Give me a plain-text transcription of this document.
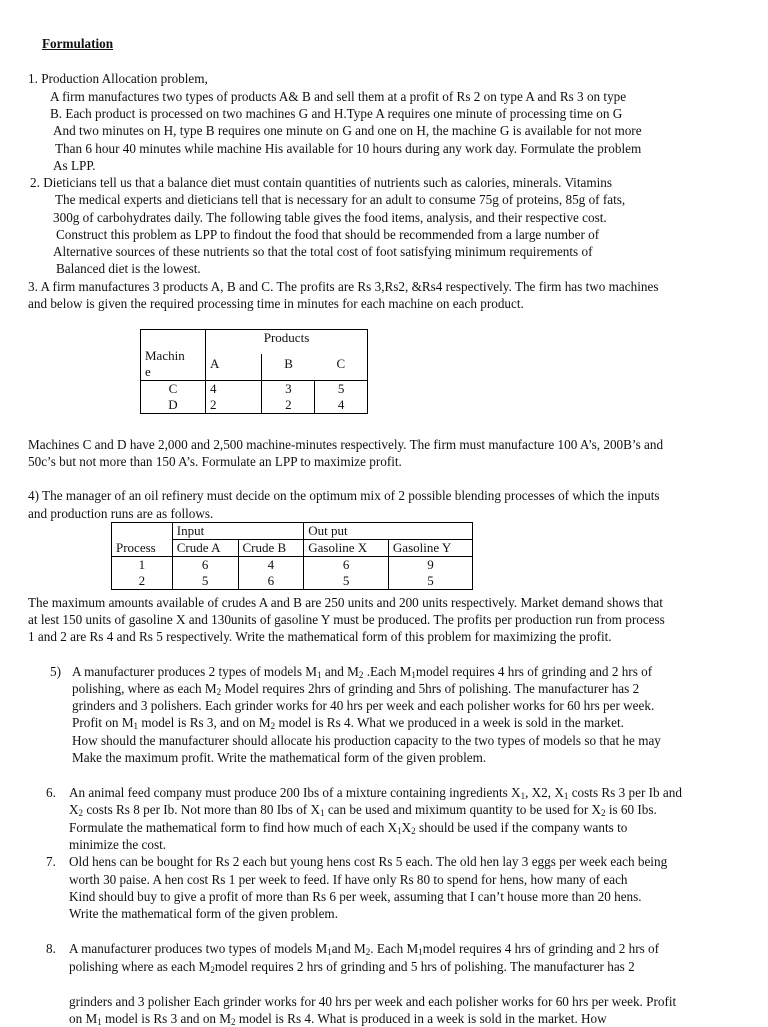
Formulation
1. Production Allocation problem,
A firm manufactures two types of products A& B and sell them at a profit of Rs 2 on type A and Rs 3 on type
B. Each product is processed on two machines G and H.Type A requires one minute of processing time on G
And two minutes on H, type B requires one minute on G and one on H, the machine G is available for not more
Than 6 hour 40 minutes while machine His available for 10 hours during any work day. Formulate the problem
As LPP.
2. Dieticians tell us that a balance diet must contain quantities of nutrients such as calories, minerals. Vitamins
The medical experts and dieticians tell that is necessary for an adult to consume 75g of proteins, 85g of fats,
300g of carbohydrates daily. The following table gives the food items, analysis, and their respective cost.
Construct this problem as LPP to findout the food that should be recommended from a large number of
Alternative sources of these nutrients so that the total cost of foot satisfying minimum requirements of
Balanced diet is the lowest.
3. A firm manufactures 3 products A, B and C. The profits are Rs 3,Rs2, &Rs4 respectively. The firm has two machines
and below is given the required processing time in minutes for each machine on each product.
Machin
e	Products		
	A	B	C
C	4	3	5
D	2	2	4
Machines C and D have 2,000 and 2,500 machine-minutes respectively. The firm must manufacture 100 A’s, 200B’s and
50c’s but not more than 150 A’s. Formulate an LPP to maximize profit.
4) The manager of an oil refinery must decide on the optimum mix of 2 possible blending processes of which the inputs
and production runs are as follows.
	Input		Out put	
Process	Crude A	Crude B	Gasoline X	Gasoline Y
1	6	4	6	9
2	5	6	5	5
The maximum amounts available of crudes A and B are 250 units and 200 units respectively. Market demand shows that
at lest 150 units of gasoline X and 130units of gasoline Y must be produced. The profits per production run from process
1 and 2 are Rs 4 and Rs 5 respectively. Write the mathematical form of this problem for maximizing the profit.
5) A manufacturer produces 2 types of models $M_1$ and $M_2$ .Each $M_1model$ requires 4 hrs of grinding and 2 hrs of
polishing, where as each $M_2$ Model requires 2hrs of grinding and 5hrs of polishing. The manufacturer has 2
grinders and 3 polishers. Each grinder works for 40 hrs per week and each polisher works for 60 hrs per week.
Profit on $M_1$ model is Rs 3, and on $M_2$ model is Rs 4. What we produced in a week is sold in the market.
How should the manufacturer should allocate his production capacity to the two types of models so that he may
Make the maximum profit. Write the mathematical form of the given problem.
6. An animal feed company must produce 200 Ibs of a mixture containing ingredients $X_1$, X2, $X_1$ costs Rs 3 per Ib and
$X_2$ costs Rs 8 per Ib. Not more than 80 Ibs of $X_1$ can be used and miximum quantity to be used for $X_2$ is 60 Ibs.
Formulate the mathematical form to find how much of each $X_1X_2$ should be used if the company wants to
minimize the cost.
7. Old hens can be bought for Rs 2 each but young hens cost Rs 5 each. The old hen lay 3 eggs per week each being
worth 30 paise. A hen cost Rs 1 per week to feed. If have only Rs 80 to spend for hens, how many of each
Kind should buy to give a profit of more than Rs 6 per week, assuming that I can’t house more than 20 hens.
Write the mathematical form of the given problem.
8. A manufacturer produces two types of models $M_1and$ $M_2$. Each $M_1model$ requires 4 hrs of grinding and 2 hrs of
polishing where as each $M_2model$ requires 2 hrs of grinding and 5 hrs of polishing. The manufacturer has 2
grinders and 3 polisher Each grinder works for 40 hrs per week and each polisher works for 60 hrs per week. Profit
on $M_1$ model is Rs 3 and on $M_2$ model is Rs 4. What is produced in a week is sold in the market. How
